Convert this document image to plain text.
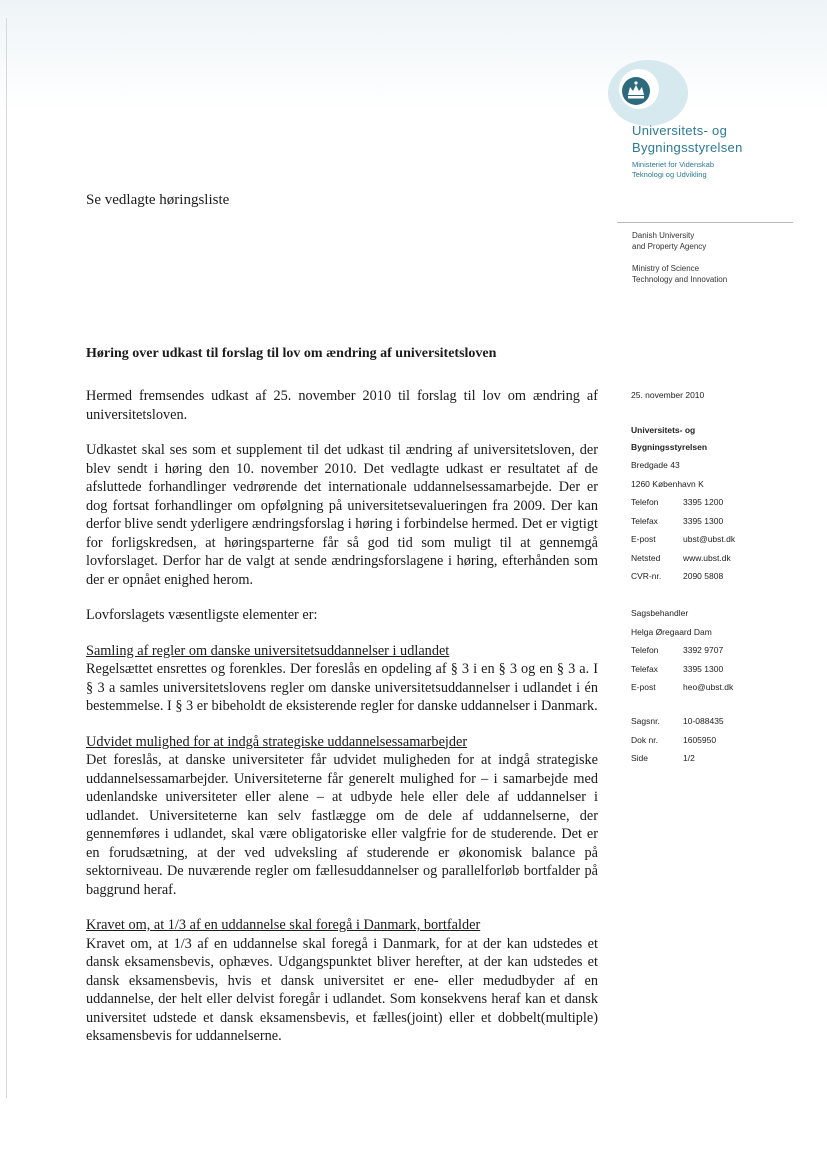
Universitets- og
Bygningsstyrelsen
Ministeriet for Videnskab
Teknologi og Udvikling
Se vedlagte høringsliste
Danish University
and Property Agency
Ministry of Science
Technology and Innovation
Høring over udkast til forslag til lov om ændring af universitetsloven

Hermed fremsendes udkast af 25. november 2010 til forslag til lov om ændring af universitetsloven.

Udkastet skal ses som et supplement til det udkast til ændring af universitetsloven, der blev sendt i høring den 10. november 2010. Det vedlagte udkast er resultatet af de afsluttede forhandlinger vedrørende det internationale uddannelsessamarbejde. Der er dog fortsat forhandlinger om opfølgning på universitetsevalueringen fra 2009. Der kan derfor blive sendt yderligere ændringsforslag i høring i forbindelse hermed. Det er vigtigt for forligskredsen, at høringsparterne får så god tid som muligt til at gennemgå lovforslaget. Derfor har de valgt at sende ændringsforslagene i høring, efterhånden som der er opnået enighed herom.

Lovforslagets væsentligste elementer er:

Samling af regler om danske universitetsuddannelser i udlandet

Regelsættet ensrettes og forenkles. Der foreslås en opdeling af § 3 i en § 3 og en § 3 a. I § 3 a samles universitetslovens regler om danske universitetsuddannelser i udlandet i én bestemmelse. I § 3 er bibeholdt de eksisterende regler for danske uddannelser i Danmark.

Udvidet mulighed for at indgå strategiske uddannelsessamarbejder

Det foreslås, at danske universiteter får udvidet muligheden for at indgå strategiske uddannelsessamarbejder. Universiteterne får generelt mulighed for – i samarbejde med udenlandske universiteter eller alene – at udbyde hele eller dele af uddannelser i udlandet. Universiteterne kan selv fastlægge om de dele af uddannelserne, der gennemføres i udlandet, skal være obligatoriske eller valgfrie for de studerende. Det er en forudsætning, at der ved udveksling af studerende er økonomisk balance på sektorniveau. De nuværende regler om fællesuddannelser og parallelforløb bortfalder på baggrund heraf.

Kravet om, at 1/3 af en uddannelse skal foregå i Danmark, bortfalder

Kravet om, at 1/3 af en uddannelse skal foregå i Danmark, for at der kan udstedes et dansk eksamensbevis, ophæves. Udgangspunktet bliver herefter, at der kan udstedes et dansk eksamensbevis, hvis et dansk universitet er ene- eller medudbyder af en uddannelse, der helt eller delvist foregår i udlandet. Som konsekvens heraf kan et dansk universitet udstede et dansk eksamensbevis, et fælles(joint) eller et dobbelt(multiple) eksamensbevis for uddannelserne.

25. november 2010
Universitets- og
Bygningsstyrelsen
Bredgade 43
1260 København K
Telefon	3395 1200
Telefax	3395 1300
E-post	ubst@ubst.dk
Netsted	www.ubst.dk
CVR-nr.	2090 5808
Sagsbehandler
Helga Øregaard Dam
Telefon	3392 9707
Telefax	3395 1300
E-post	heo@ubst.dk
Sagsnr.	10-088435
Dok nr.	1605950
Side	1/2
